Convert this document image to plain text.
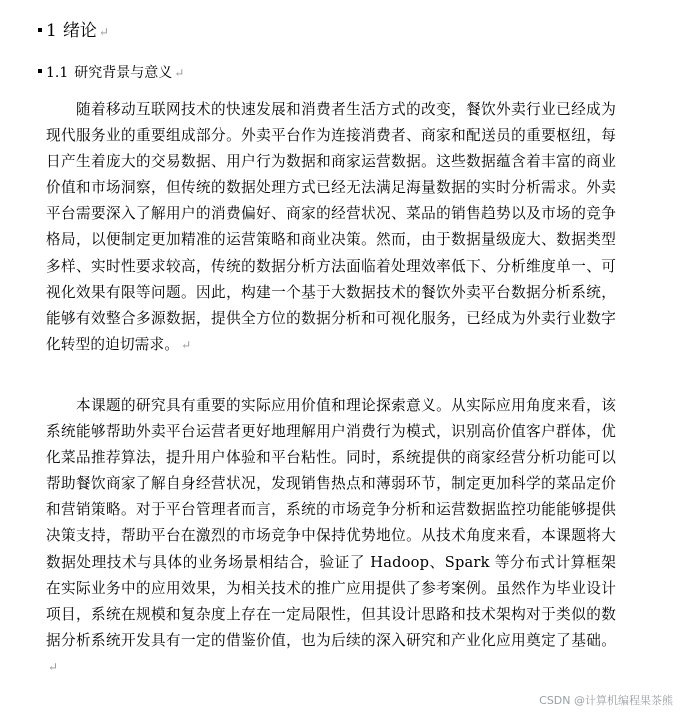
1 绪论 ↵
1.1 研究背景与意义 ↵
随着移动互联网技术的快速发展和消费者生活方式的改变，餐饮外卖行业已经成为现代服务业的重要组成部分。外卖平台作为连接消费者、商家和配送员的重要枢纽，每日产生着庞大的交易数据、用户行为数据和商家运营数据。这些数据蕴含着丰富的商业价值和市场洞察，但传统的数据处理方式已经无法满足海量数据的实时分析需求。外卖平台需要深入了解用户的消费偏好、商家的经营状况、菜品的销售趋势以及市场的竞争格局，以便制定更加精准的运营策略和商业决策。然而，由于数据量级庞大、数据类型多样、实时性要求较高，传统的数据分析方法面临着处理效率低下、分析维度单一、可视化效果有限等问题。因此，构建一个基于大数据技术的餐饮外卖平台数据分析系统，能够有效整合多源数据，提供全方位的数据分析和可视化服务，已经成为外卖行业数字化转型的迫切需求。 ↵
本课题的研究具有重要的实际应用价值和理论探索意义。从实际应用角度来看，该系统能够帮助外卖平台运营者更好地理解用户消费行为模式，识别高价值客户群体，优化菜品推荐算法，提升用户体验和平台粘性。同时，系统提供的商家经营分析功能可以帮助餐饮商家了解自身经营状况，发现销售热点和薄弱环节，制定更加科学的菜品定价和营销策略。对于平台管理者而言，系统的市场竞争分析和运营数据监控功能能够提供决策支持，帮助平台在激烈的市场竞争中保持优势地位。从技术角度来看，本课题将大数据处理技术与具体的业务场景相结合，验证了 Hadoop、Spark 等分布式计算框架在实际业务中的应用效果，为相关技术的推广应用提供了参考案例。虽然作为毕业设计项目，系统在规模和复杂度上存在一定局限性，但其设计思路和技术架构对于类似的数据分析系统开发具有一定的借鉴价值，也为后续的深入研究和产业化应用奠定了基础。↵
CSDN @计算机编程果茶熊
